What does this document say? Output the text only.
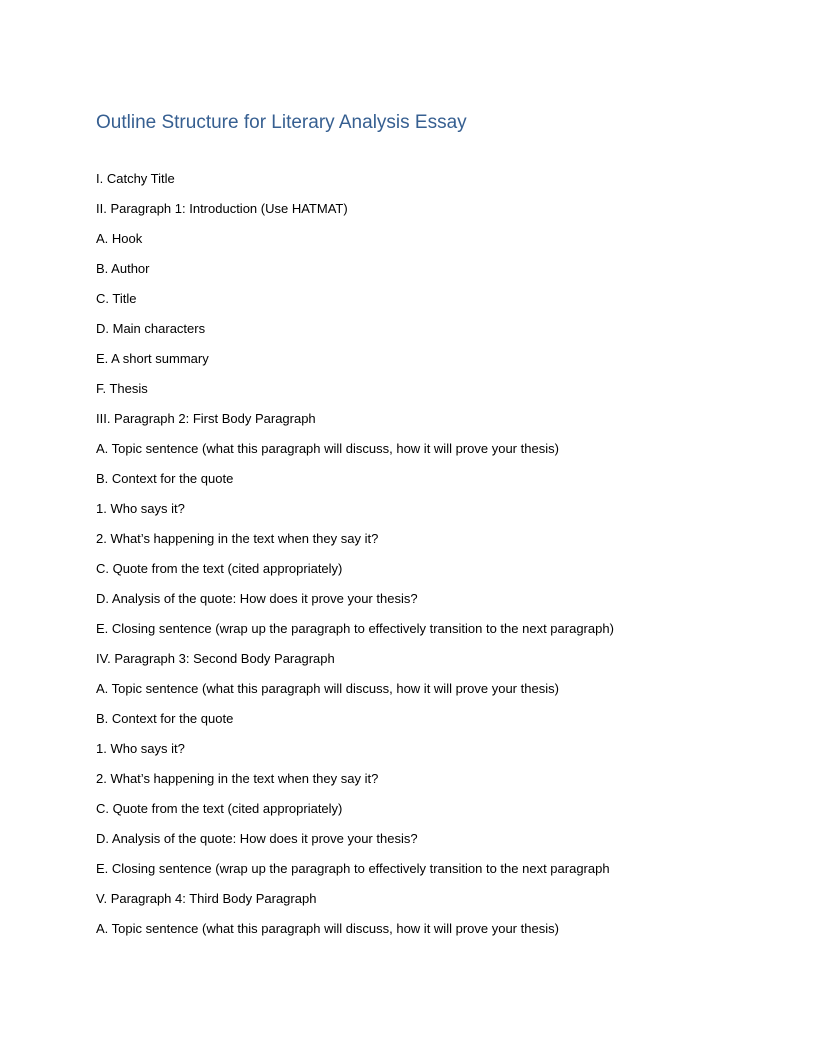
Outline Structure for Literary Analysis Essay
I. Catchy Title
II. Paragraph 1: Introduction (Use HATMAT)
A. Hook
B. Author
C. Title
D. Main characters
E. A short summary
F. Thesis
III. Paragraph 2: First Body Paragraph
A. Topic sentence (what this paragraph will discuss, how it will prove your thesis)
B. Context for the quote
1. Who says it?
2. What’s happening in the text when they say it?
C. Quote from the text (cited appropriately)
D. Analysis of the quote: How does it prove your thesis?
E. Closing sentence (wrap up the paragraph to effectively transition to the next paragraph)
IV. Paragraph 3: Second Body Paragraph
A. Topic sentence (what this paragraph will discuss, how it will prove your thesis)
B. Context for the quote
1. Who says it?
2. What’s happening in the text when they say it?
C. Quote from the text (cited appropriately)
D. Analysis of the quote: How does it prove your thesis?
E. Closing sentence (wrap up the paragraph to effectively transition to the next paragraph
V. Paragraph 4: Third Body Paragraph
A. Topic sentence (what this paragraph will discuss, how it will prove your thesis)
